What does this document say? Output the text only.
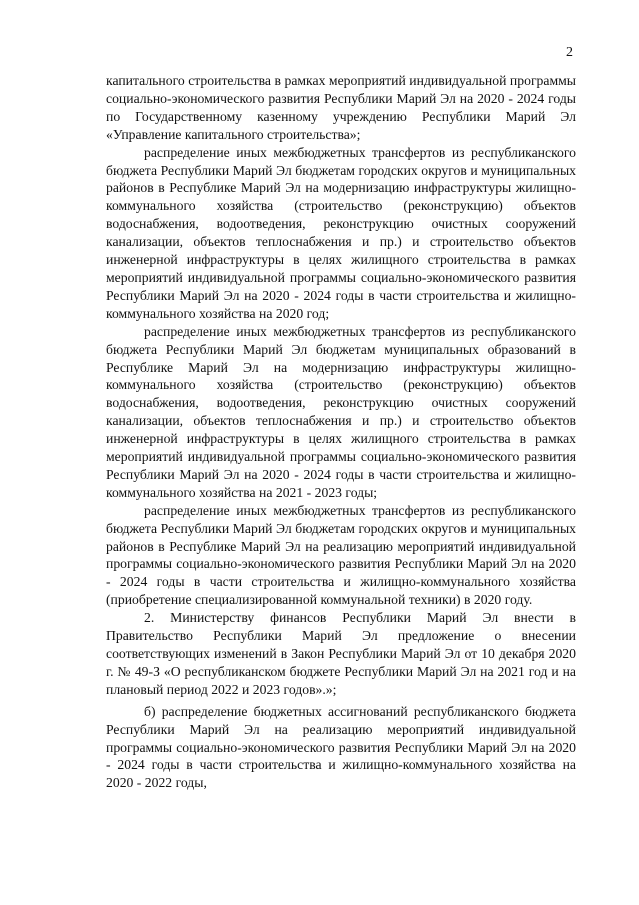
2

капитального строительства в рамках мероприятий индивидуальной программы социально-экономического развития Республики Марий Эл на 2020 - 2024 годы по Государственному казенному учреждению Республики Марий Эл «Управление капитального строительства»;

распределение иных межбюджетных трансфертов из республиканского бюджета Республики Марий Эл бюджетам городских округов и муниципальных районов в Республике Марий Эл на модернизацию инфраструктуры жилищно-коммунального хозяйства (строительство (реконструкцию) объектов водоснабжения, водоотведения, реконструкцию очистных сооружений канализации, объектов теплоснабжения и пр.) и строительство объектов инженерной инфраструктуры в целях жилищного строительства в рамках мероприятий индивидуальной программы социально-экономического развития Республики Марий Эл на 2020 - 2024 годы в части строительства и жилищно-коммунального хозяйства на 2020 год;

распределение иных межбюджетных трансфертов из республиканского бюджета Республики Марий Эл бюджетам муниципальных образований в Республике Марий Эл на модернизацию инфраструктуры жилищно-коммунального хозяйства (строительство (реконструкцию) объектов водоснабжения, водоотведения, реконструкцию очистных сооружений канализации, объектов теплоснабжения и пр.) и строительство объектов инженерной инфраструктуры в целях жилищного строительства в рамках мероприятий индивидуальной программы социально-экономического развития Республики Марий Эл на 2020 - 2024 годы в части строительства и жилищно-коммунального хозяйства на 2021 - 2023 годы;

распределение иных межбюджетных трансфертов из республиканского бюджета Республики Марий Эл бюджетам городских округов и муниципальных районов в Республике Марий Эл на реализацию мероприятий индивидуальной программы социально-экономического развития Республики Марий Эл на 2020 - 2024 годы в части строительства и жилищно-коммунального хозяйства (приобретение специализированной коммунальной техники) в 2020 году.

2. Министерству финансов Республики Марий Эл внести в Правительство Республики Марий Эл предложение о внесении соответствующих изменений в Закон Республики Марий Эл от 10 декабря 2020 г. № 49-З «О республиканском бюджете Республики Марий Эл на 2021 год и на плановый период 2022 и 2023 годов».»;

б) распределение бюджетных ассигнований республиканского бюджета Республики Марий Эл на реализацию мероприятий индивидуальной программы социально-экономического развития Республики Марий Эл на 2020 - 2024 годы в части строительства и жилищно-коммунального хозяйства на 2020 - 2022 годы,
